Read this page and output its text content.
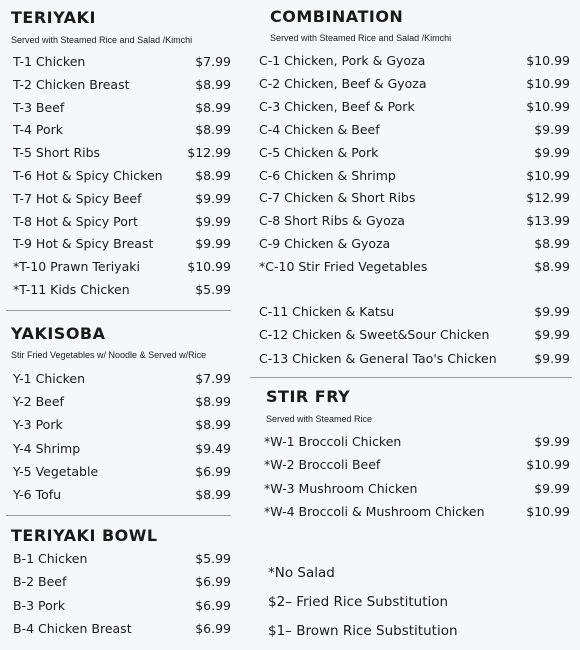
TERIYAKI
Served with Steamed Rice and Salad /Kimchi
T-1 Chicken	$7.99
T-2 Chicken Breast	$8.99
T-3 Beef	$8.99
T-4 Pork	$8.99
T-5 Short Ribs	$12.99
T-6 Hot & Spicy Chicken	$8.99
T-7 Hot & Spicy Beef	$9.99
T-8 Hot & Spicy Port	$9.99
T-9 Hot & Spicy Breast	$9.99
*T-10 Prawn Teriyaki	$10.99
*T-11 Kids Chicken	$5.99
YAKISOBA
Stir Fried Vegetables w/ Noodle & Served w/Rice
Y-1 Chicken	$7.99
Y-2 Beef	$8.99
Y-3 Pork	$8.99
Y-4 Shrimp	$9.49
Y-5 Vegetable	$6.99
Y-6 Tofu	$8.99
TERIYAKI BOWL
B-1 Chicken	$5.99
B-2 Beef	$6.99
B-3 Pork	$6.99
B-4 Chicken Breast	$6.99
COMBINATION
Served with Steamed Rice and Salad /Kimchi
C-1 Chicken, Pork & Gyoza	$10.99
C-2 Chicken, Beef & Gyoza	$10.99
C-3 Chicken, Beef & Pork	$10.99
C-4 Chicken & Beef	$9.99
C-5 Chicken & Pork	$9.99
C-6 Chicken & Shrimp	$10.99
C-7 Chicken & Short Ribs	$12.99
C-8 Short Ribs & Gyoza	$13.99
C-9 Chicken & Gyoza	$8.99
*C-10 Stir Fried Vegetables	$8.99
C-11 Chicken & Katsu	$9.99
C-12 Chicken & Sweet&Sour Chicken	$9.99
C-13 Chicken & General Tao's Chicken	$9.99
STIR FRY
Served with Steamed Rice
*W-1 Broccoli Chicken	$9.99
*W-2 Broccoli Beef	$10.99
*W-3 Mushroom Chicken	$9.99
*W-4 Broccoli & Mushroom Chicken	$10.99
*No Salad
$2– Fried Rice Substitution
$1– Brown Rice Substitution
